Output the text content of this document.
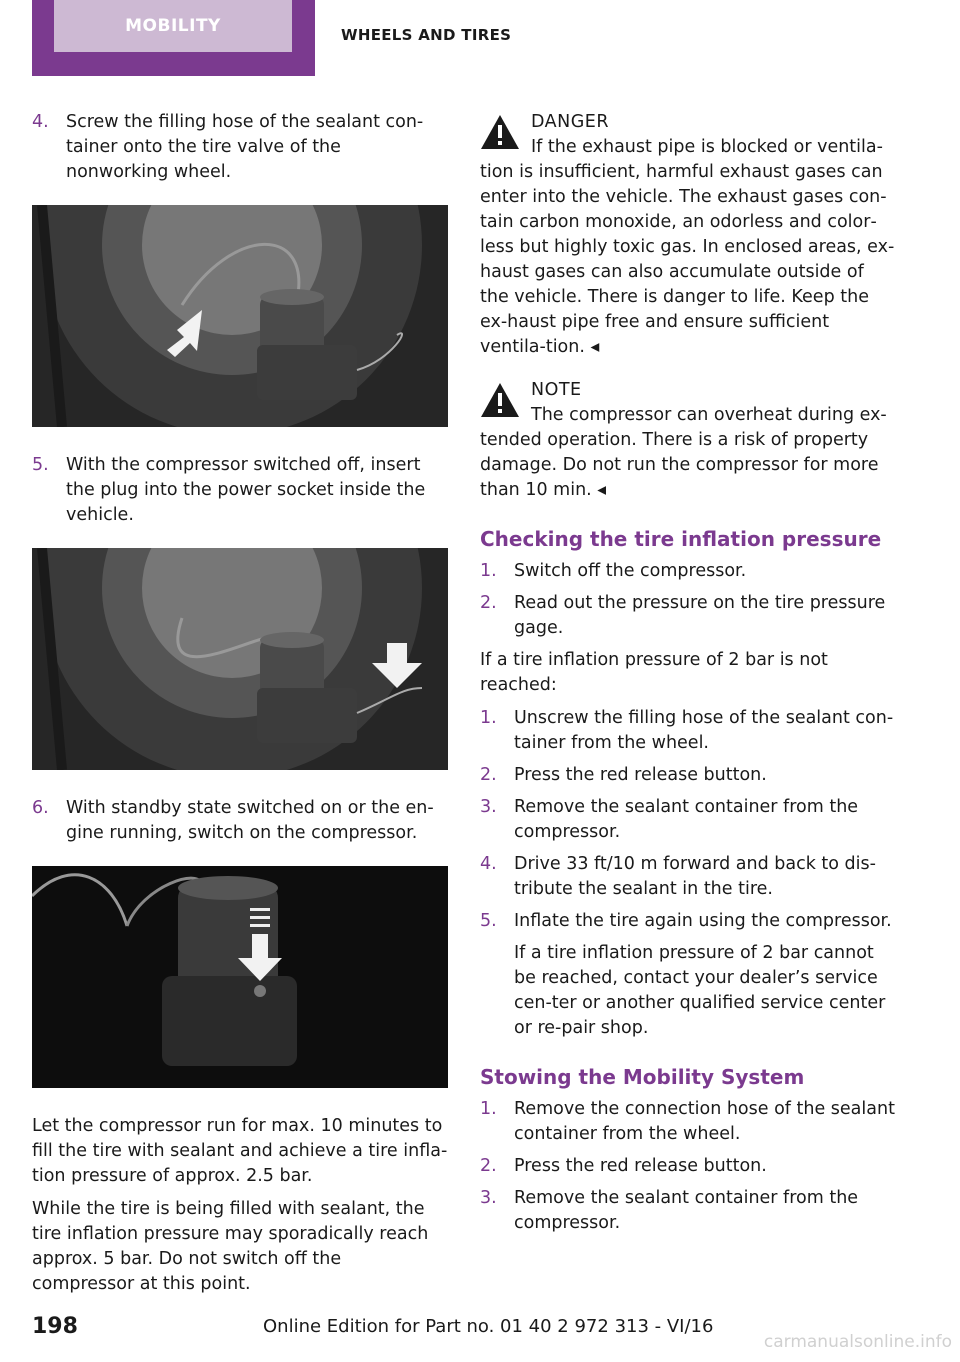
MOBILITY	WHEELS AND TIRES
4. Screw the filling hose of the sealant con‐tainer onto the tire valve of the nonworking wheel.
5. With the compressor switched off, insert the plug into the power socket inside the vehicle.
6. With standby state switched on or the en‐gine running, switch on the compressor.

Let the compressor run for max. 10 minutes to fill the tire with sealant and achieve a tire infla‐tion pressure of approx. 2.5 bar.

While the tire is being filled with sealant, the tire inflation pressure may sporadically reach approx. 5 bar. Do not switch off the compressor at this point.

DANGER
If the exhaust pipe is blocked or ventila‐tion is insufficient, harmful exhaust gases can enter into the vehicle. The exhaust gases con‐tain carbon monoxide, an odorless and color‐less but highly toxic gas. In enclosed areas, ex‐haust gases can also accumulate outside of the vehicle. There is danger to life. Keep the ex‐haust pipe free and ensure sufficient ventila‐tion. ◂
NOTE
The compressor can overheat during ex‐tended operation. There is a risk of property damage. Do not run the compressor for more than 10 min. ◂
Checking the tire inflation pressure
1. Switch off the compressor.
2. Read out the pressure on the tire pressure gage.

If a tire inflation pressure of 2 bar is not reached:

1. Unscrew the filling hose of the sealant con‐tainer from the wheel.
2. Press the red release button.
3. Remove the sealant container from the compressor.
4. Drive 33 ft/10 m forward and back to dis‐tribute the sealant in the tire.
5. Inflate the tire again using the compressor.
If a tire inflation pressure of 2 bar cannot be reached, contact your dealer’s service cen‐ter or another qualified service center or re‐pair shop.
Stowing the Mobility System
1. Remove the connection hose of the sealant container from the wheel.
2. Press the red release button.
3. Remove the sealant container from the compressor.
198	Online Edition for Part no. 01 40 2 972 313 - VI/16
carmanualsonline.info
